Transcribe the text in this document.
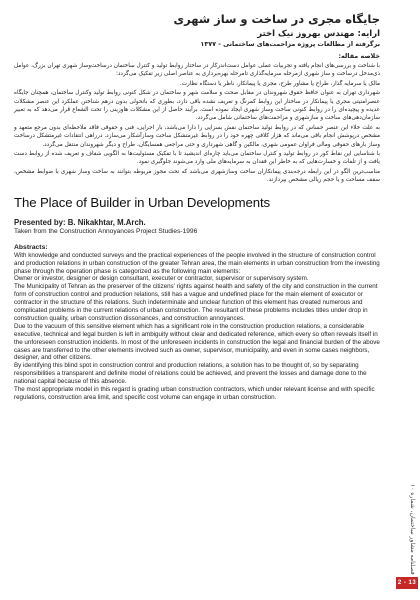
جایگاه مجری در ساخت و ساز شهری
ارایه: مهندس بهروز نیک اختر
برگرفته از مطالعات پروژه مزاحمت‌های ساختمانی - ۱۳۷۷
خلاصه مقاله:

با شناخت و بررسی‌های انجام یافته و تجربیات عملی عوامل دست‌اندرکار در ساختار روابط تولید و کنترل ساختمان درساخت‌وساز شهری تهران بزرگ، عوامل ذی‌مدخل درساخت و ساز شهری ازمرحله سرمایه‌گذاری تامرحله بهره‌برداری به عناصر اصلی زیر تفکیک می‌گردد:

مالک یا سرمایه گذار، طراح یا مشاور طرح، مجری یا پیمانکار، ناظر یا دستگاه نظارت.

شهرداری تهران به عنوان حافظ حقوق شهروندان در مقابل صحت و سلامت شهر و ساختمان در شکل کنونی روابط تولید وکنترل ساختمان، همچنان جایگاه عنصرامنیتی مجری یا پیمانکار در ساختار این روابط کمرنگ و تعریف نشده باقی دارد، بطوری که باتحولی بدون درهم شناختن عملکرد این عنصر مشکلات عدیده و پیچیده‌ای را در روابط کنونی ساخت وساز شهری ایجاد نموده است. برآیند حاصل از این مشکلات هاوزینی را تحت الشعاع قرار می‌دهد که به تعبیر سازمان‌دهی‌های ساخت و سازشهری و مزاحمت‌های ساختمانی شامل می‌گردد.

به علت خلاء این عنصر حساس که در روابط تولید ساختمان نقش بسزایی را دارا می‌باشد، بار اجرایی، فنی و حقوقی فاقد ملاحظه‌ای بدون مرجع متعهد و مشخص درپوشش انجام باقی می‌ماند که هزار کلافی چهره خود را در روابط غیرمتشکل ساخت وسازآشکار می‌سازد. درراهی انتقادات غیرمتشکل درساخت وساز بارهای حقوقی ومالی فراوان عمومی شهری، مالکین و گاهی شهرداری و حتی مراجعی همسایگان، طراح و دیگر شهروندان منتقل می‌گردد.

با شناسایی این نقاط کور در روابط تولید و کنترل ساختمان می‌باید چاره‌ای اندیشید تا با تفکیک مسئولیت‌ها به الگویی شفاف و تعریف شده از روابط دست یافت و از تلفات و خسارت‌هایی که به خاطر این فقدان به سرمایه‌های ملی وارد می‌شوند جلوگیری نمود.

مناسب‌ترین الگو در این رابطه درجه‌بندی پیمانکاران ساخت وسازشهری می‌باشد که تحت مجوز مربوطه بتوانند به ساخت وساز شهری با ضوابط مشخص، سقف مساحت و یا حجم ریالی مشخص بپردازند.

The Place of Builder in Urban Developments
Presented by: B. Nikakhtar, M.Arch.
Taken from the Construction Annoyances Project Studies-1996
Abstracts:

With knowledge and conducted surveys and the practical experiences of the people involved in the structure of construction control and production relations in urban construction of the greater Tehran area, the main elements in urban construction from the investing phase through the operation phase is categorized as the following main elements:

Owner or investor, designer or design consultant, executer or contractor, supervisor or supervisory system.

The Municipality of Tehran as the preserver of the citizens' rights against health and safety of the city and construction in the current form of construction control and production relations, still has a vague and undefined place for the main element of executor or contractor in the structure of this relations. Such indeterminate and unclear function of this element has created numerous and complicated problems in the current relations of urban construction. The resultant of these problems includes titles under drop in construction quality, urban construction dissonances, and construction annoyances.

Due to the vacuum of this sensitive element which has a significant role in the construction production relations, a considerable executive, technical and legal burden is left in ambiguity without clear and dedicated reference, which every so often reveals itself in the unforeseen construction incidents. In most of the unforeseen incidents in construction the legal and financial burden of the above cases are transferred to the other elements involved such as owner, supervisor, municipality, and even in some cases neighbors, designer, and other citizens.

By identifying this blind spot in construction control and production relations, a solution has to be thought of, so by separating responsibilities a transparent and definite model of relations could be achieved, and prevent the losses and damage done to the national capital because of this absence.

The most appropriate model in this regard is grading urban construction contractors, which under relevant license and with specific regulations, construction area limit, and specific cost volume can engage in urban construction.

فصلنامه مشاور ساختمان، شماره ۱۰
2 - 13
